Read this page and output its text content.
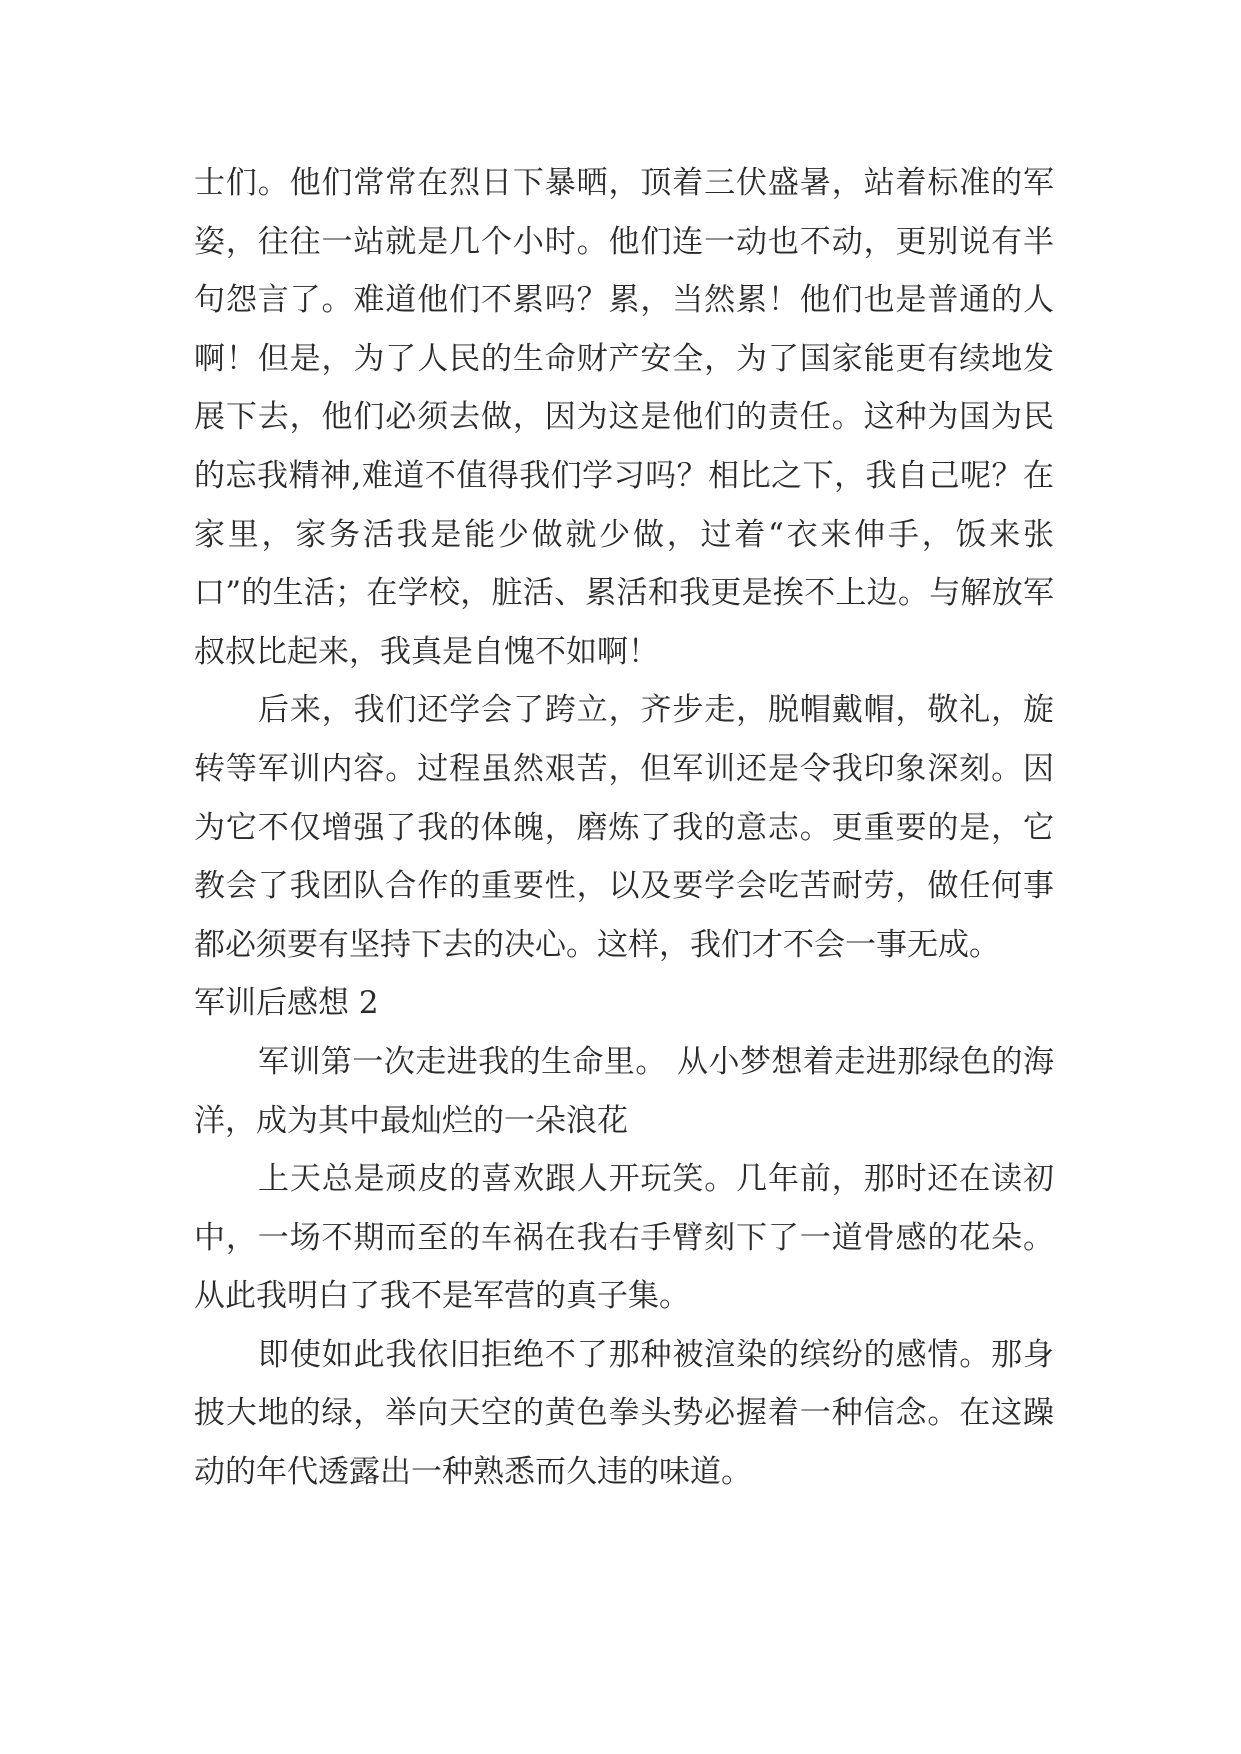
士们。他们常常在烈日下暴晒，顶着三伏盛暑，站着标准的军姿，往往一站就是几个小时。他们连一动也不动，更别说有半句怨言了。难道他们不累吗？累，当然累！他们也是普通的人啊！但是，为了人民的生命财产安全，为了国家能更有续地发展下去，他们必须去做，因为这是他们的责任。这种为国为民的忘我精神,难道不值得我们学习吗？相比之下，我自己呢？在家里，家务活我是能少做就少做，过着“衣来伸手，饭来张口”的生活；在学校，脏活、累活和我更是挨不上边。与解放军叔叔比起来，我真是自愧不如啊！

后来，我们还学会了跨立，齐步走，脱帽戴帽，敬礼，旋转等军训内容。过程虽然艰苦，但军训还是令我印象深刻。因为它不仅增强了我的体魄，磨炼了我的意志。更重要的是，它教会了我团队合作的重要性，以及要学会吃苦耐劳，做任何事都必须要有坚持下去的决心。这样，我们才不会一事无成。

军训后感想 2

军训第一次走进我的生命里。 从小梦想着走进那绿色的海洋，成为其中最灿烂的一朵浪花

上天总是顽皮的喜欢跟人开玩笑。几年前，那时还在读初中，一场不期而至的车祸在我右手臂刻下了一道骨感的花朵。从此我明白了我不是军营的真子集。

即使如此我依旧拒绝不了那种被渲染的缤纷的感情。那身披大地的绿，举向天空的黄色拳头势必握着一种信念。在这躁动的年代透露出一种熟悉而久违的味道。
